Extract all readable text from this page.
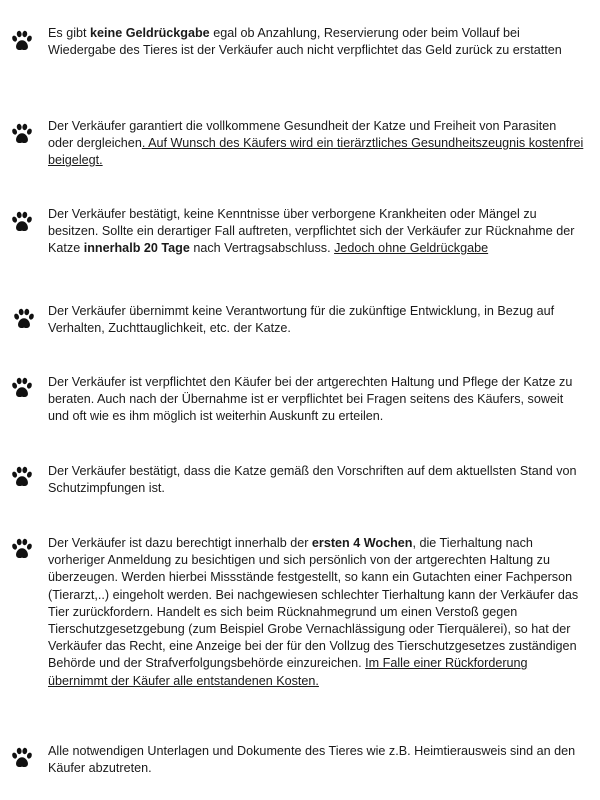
Es gibt keine Geldrückgabe egal ob Anzahlung, Reservierung oder beim Vollauf bei Wiedergabe des Tieres ist der Verkäufer auch nicht verpflichtet das Geld zurück zu erstatten

Der Verkäufer garantiert die vollkommene Gesundheit der Katze und Freiheit von Parasiten oder dergleichen. Auf Wunsch des Käufers wird ein tierärztliches Gesundheitszeugnis kostenfrei beigelegt.

Der Verkäufer bestätigt, keine Kenntnisse über verborgene Krankheiten oder Mängel zu besitzen. Sollte ein derartiger Fall auftreten, verpflichtet sich der Verkäufer zur Rücknahme der Katze innerhalb 20 Tage nach Vertragsabschluss. Jedoch ohne Geldrückgabe

Der Verkäufer übernimmt keine Verantwortung für die zukünftige Entwicklung, in Bezug auf Verhalten, Zuchttauglichkeit, etc. der Katze.

Der Verkäufer ist verpflichtet den Käufer bei der artgerechten Haltung und Pflege der Katze zu beraten. Auch nach der Übernahme ist er verpflichtet bei Fragen seitens des Käufers, soweit und oft wie es ihm möglich ist weiterhin Auskunft zu erteilen.

Der Verkäufer bestätigt, dass die Katze gemäß den Vorschriften auf dem aktuellsten Stand von Schutzimpfungen ist.

Der Verkäufer ist dazu berechtigt innerhalb der ersten 4 Wochen, die Tierhaltung nach vorheriger Anmeldung zu besichtigen und sich persönlich von der artgerechten Haltung zu überzeugen. Werden hierbei Missstände festgestellt, so kann ein Gutachten einer Fachperson (Tierarzt,..) eingeholt werden. Bei nachgewiesen schlechter Tierhaltung kann der Verkäufer das Tier zurückfordern. Handelt es sich beim Rücknahmegrund um einen Verstoß gegen Tierschutzgesetzgebung (zum Beispiel Grobe Vernachlässigung oder Tierquälerei), so hat der Verkäufer das Recht, eine Anzeige bei der für den Vollzug des Tierschutzgesetzes zuständigen Behörde und der Strafverfolgungsbehörde einzureichen. Im Falle einer Rückforderung übernimmt der Käufer alle entstandenen Kosten.

Alle notwendigen Unterlagen und Dokumente des Tieres wie z.B. Heimtierausweis sind an den Käufer abzutreten.
